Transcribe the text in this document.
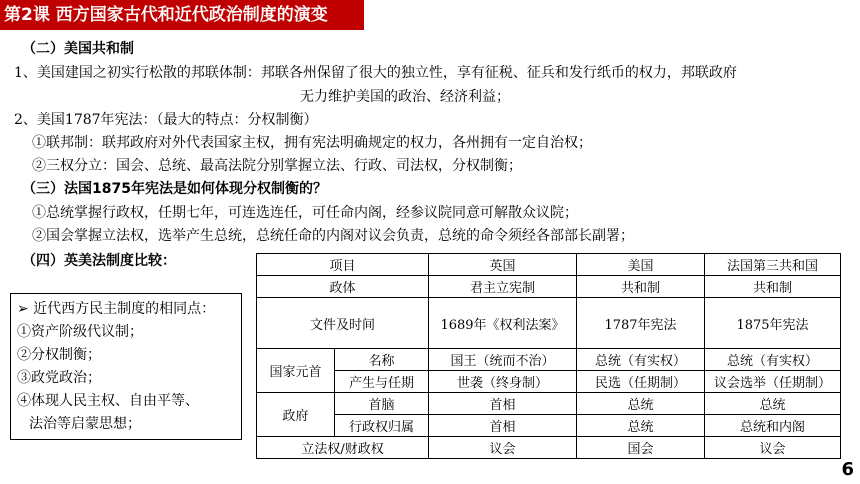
第2课 西方国家古代和近代政治制度的演变
（二）美国共和制
1、美国建国之初实行松散的邦联体制：邦联各州保留了很大的独立性，享有征税、征兵和发行纸币的权力，邦联政府
无力维护美国的政治、经济利益；
2、美国1787年宪法：（最大的特点：分权制衡）
①联邦制：联邦政府对外代表国家主权，拥有宪法明确规定的权力，各州拥有一定自治权；
②三权分立：国会、总统、最高法院分别掌握立法、行政、司法权，分权制衡；
（三）法国1875年宪法是如何体现分权制衡的？
①总统掌握行政权，任期七年，可连选连任，可任命内阁，经参议院同意可解散众议院；
②国会掌握立法权，选举产生总统，总统任命的内阁对议会负责，总统的命令须经各部部长副署；
（四）英美法制度比较：
➢ 近代西方民主制度的相同点：
①资产阶级代议制；
②分权制衡；
③政党政治；
④体现人民主权、自由平等、
法治等启蒙思想；
项目		英国	美国	法国第三共和国
政体		君主立宪制	共和制	共和制
文件及时间		1689年《权利法案》	1787年宪法	1875年宪法
国家元首	名称	国王（统而不治）	总统（有实权）	总统（有实权）
	产生与任期	世袭（终身制）	民选（任期制）	议会选举（任期制）
政府	首脑	首相	总统	总统
	行政权归属	首相	总统	总统和内阁
立法权/财政权		议会	国会	议会
6
